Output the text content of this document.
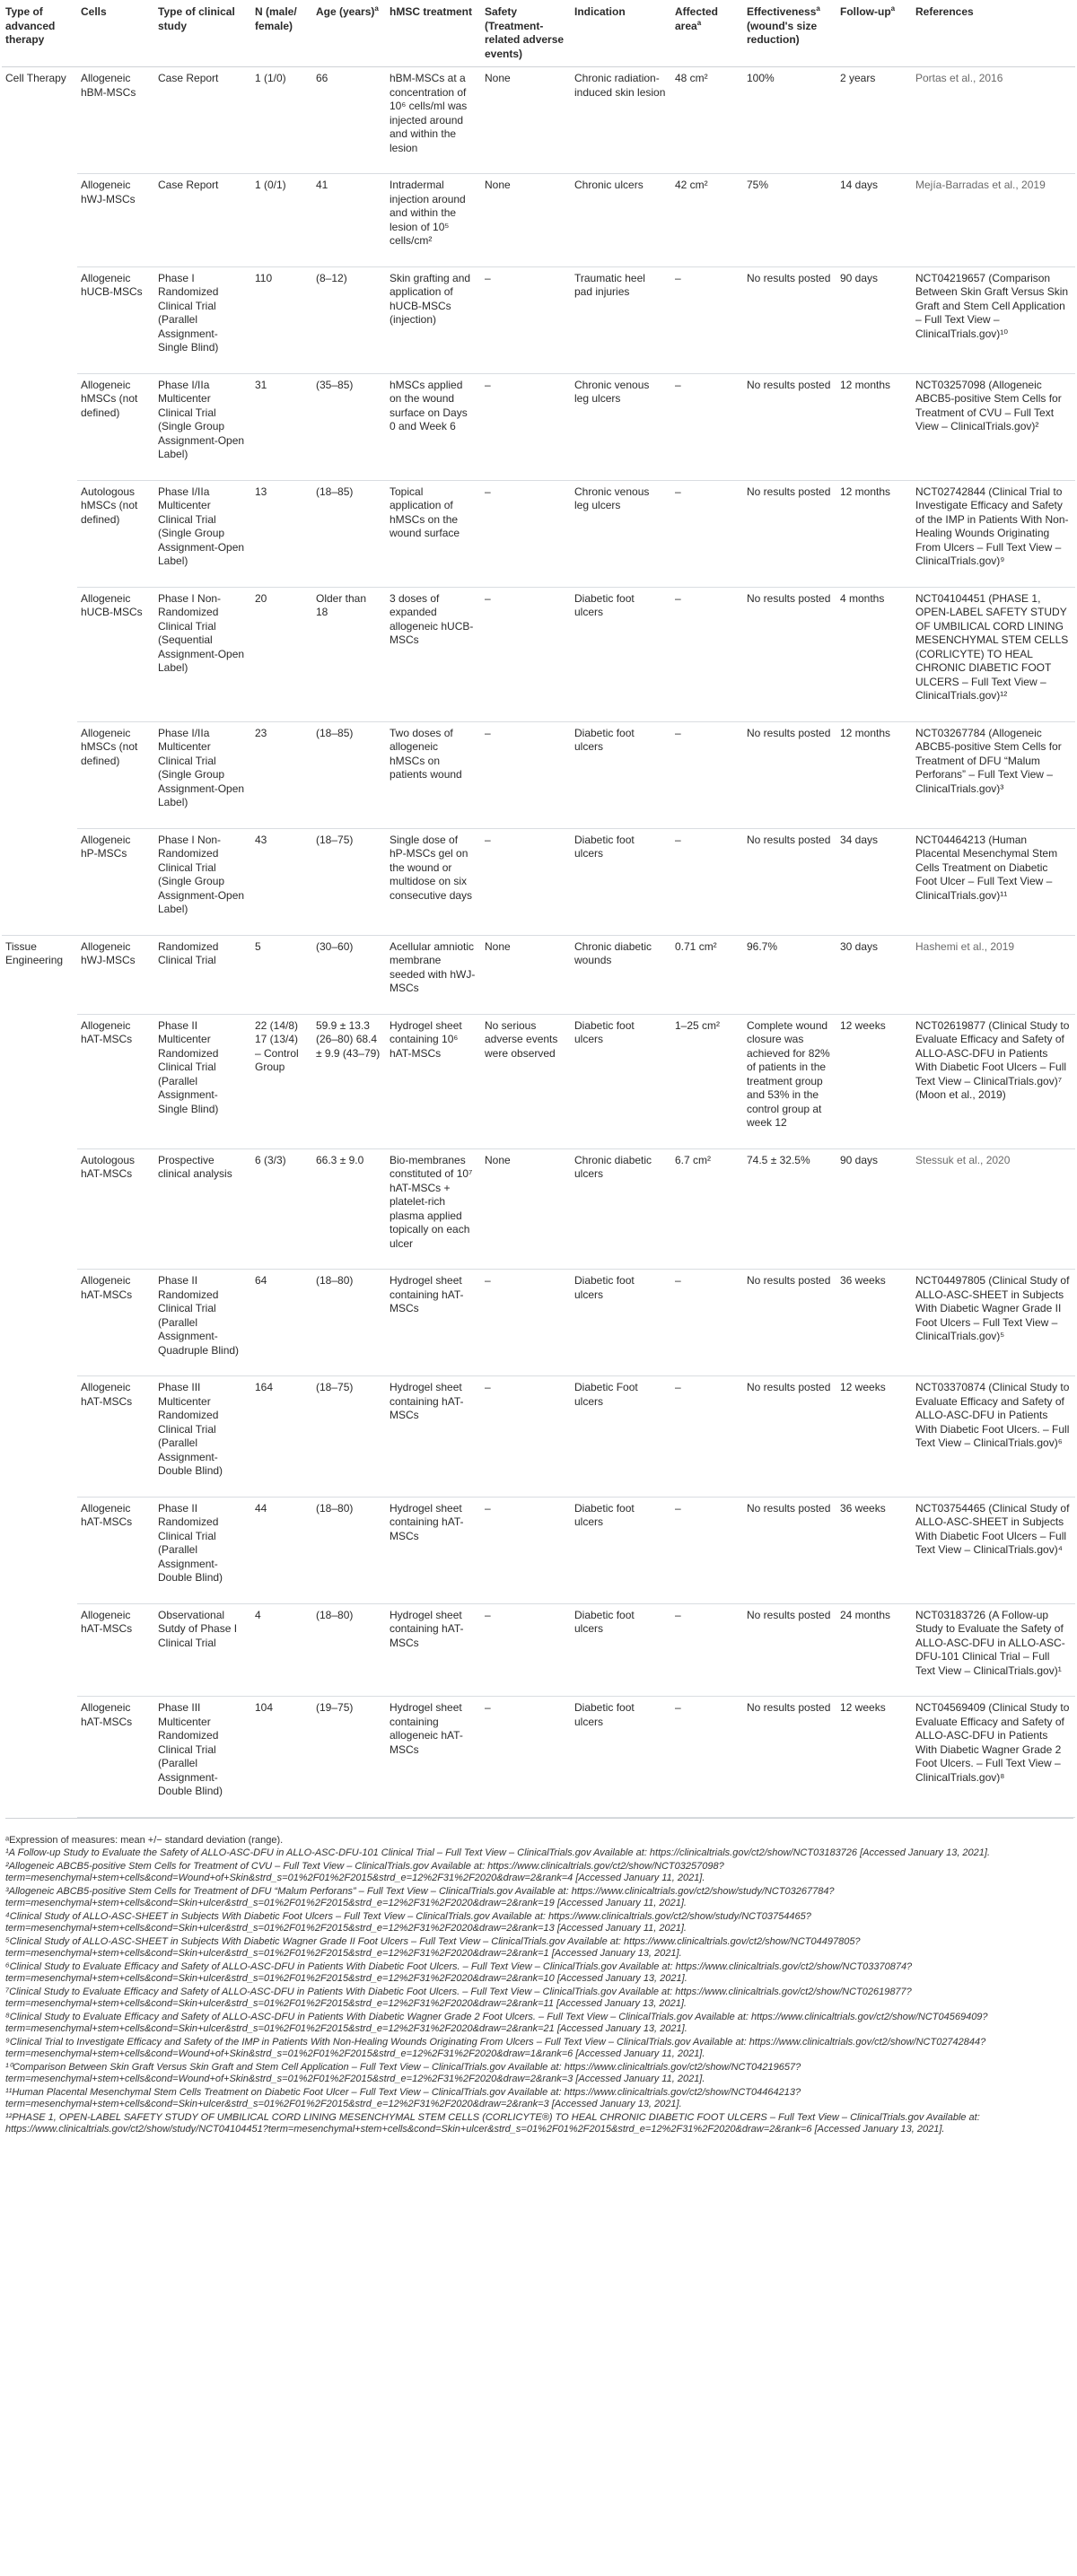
Type of advanced therapy	Cells	Type of clinical study	N (male/ female)	Age (years)$^a$	hMSC treatment	Safety (Treatment-related adverse events)	Indication	Affected area$^a$	Effectiveness$^a$ (wound's size reduction)	Follow-$up^a$	References
Cell Therapy	Allogeneic hBM-MSCs	Case Report	1 (1/0)	66	hBM-MSCs at a concentration of 10⁶ cells/ml was injected around and within the lesion	None	Chronic radiation-induced skin lesion	48 cm²	100%	2 years	Portas et al., 2016
	Allogeneic hWJ-MSCs	Case Report	1 (0/1)	41	Intradermal injection around and within the lesion of 10⁵ cells/cm²	None	Chronic ulcers	42 cm²	75%	14 days	Mejía-Barradas et al., 2019
	Allogeneic hUCB-MSCs	Phase I Randomized Clinical Trial (Parallel Assignment-Single Blind)	110	(8–12)	Skin grafting and application of hUCB-MSCs (injection)	–	Traumatic heel pad injuries	–	No results posted	90 days	NCT04219657 (Comparison Between Skin Graft Versus Skin Graft and Stem Cell Application – Full Text View – ClinicalTrials.gov)¹⁰
	Allogeneic hMSCs (not defined)	Phase I/IIa Multicenter Clinical Trial (Single Group Assignment-Open Label)	31	(35–85)	hMSCs applied on the wound surface on Days 0 and Week 6	–	Chronic venous leg ulcers	–	No results posted	12 months	NCT03257098 (Allogeneic ABCB5-positive Stem Cells for Treatment of CVU – Full Text View – ClinicalTrials.gov)²
	Autologous hMSCs (not defined)	Phase I/IIa Multicenter Clinical Trial (Single Group Assignment-Open Label)	13	(18–85)	Topical application of hMSCs on the wound surface	–	Chronic venous leg ulcers	–	No results posted	12 months	NCT02742844 (Clinical Trial to Investigate Efficacy and Safety of the IMP in Patients With Non-Healing Wounds Originating From Ulcers – Full Text View – ClinicalTrials.gov)⁹
	Allogeneic hUCB-MSCs	Phase I Non-Randomized Clinical Trial (Sequential Assignment-Open Label)	20	Older than 18	3 doses of expanded allogeneic hUCB-MSCs	–	Diabetic foot ulcers	–	No results posted	4 months	NCT04104451 (PHASE 1, OPEN-LABEL SAFETY STUDY OF UMBILICAL CORD LINING MESENCHYMAL STEM CELLS (CORLICYTE) TO HEAL CHRONIC DIABETIC FOOT ULCERS – Full Text View – ClinicalTrials.gov)¹²
	Allogeneic hMSCs (not defined)	Phase I/IIa Multicenter Clinical Trial (Single Group Assignment-Open Label)	23	(18–85)	Two doses of allogeneic hMSCs on patients wound	–	Diabetic foot ulcers	–	No results posted	12 months	NCT03267784 (Allogeneic ABCB5-positive Stem Cells for Treatment of DFU “Malum Perforans” – Full Text View – ClinicalTrials.gov)³
	Allogeneic hP-MSCs	Phase I Non-Randomized Clinical Trial (Single Group Assignment-Open Label)	43	(18–75)	Single dose of hP-MSCs gel on the wound or multidose on six consecutive days	–	Diabetic foot ulcers	–	No results posted	34 days	NCT04464213 (Human Placental Mesenchymal Stem Cells Treatment on Diabetic Foot Ulcer – Full Text View – ClinicalTrials.gov)¹¹
Tissue Engineering	Allogeneic hWJ-MSCs	Randomized Clinical Trial	5	(30–60)	Acellular amniotic membrane seeded with hWJ-MSCs	None	Chronic diabetic wounds	0.71 cm²	96.7%	30 days	Hashemi et al., 2019
	Allogeneic hAT-MSCs	Phase II Multicenter Randomized Clinical Trial (Parallel Assignment-Single Blind)	22 (14/8) 17 (13/4) – Control Group	59.9 ± 13.3 (26–80) 68.4 ± 9.9 (43–79)	Hydrogel sheet containing 10⁶ hAT-MSCs	No serious adverse events were observed	Diabetic foot ulcers	1–25 cm²	Complete wound closure was achieved for 82% of patients in the treatment group and 53% in the control group at week 12	12 weeks	NCT02619877 (Clinical Study to Evaluate Efficacy and Safety of ALLO-ASC-DFU in Patients With Diabetic Foot Ulcers – Full Text View – ClinicalTrials.gov)⁷ (Moon et al., 2019)
	Autologous hAT-MSCs	Prospective clinical analysis	6 (3/3)	66.3 ± 9.0	Bio-membranes constituted of 10⁷ hAT-MSCs + platelet-rich plasma applied topically on each ulcer	None	Chronic diabetic ulcers	6.7 cm²	74.5 ± 32.5%	90 days	Stessuk et al., 2020
	Allogeneic hAT-MSCs	Phase II Randomized Clinical Trial (Parallel Assignment-Quadruple Blind)	64	(18–80)	Hydrogel sheet containing hAT-MSCs	–	Diabetic foot ulcers	–	No results posted	36 weeks	NCT04497805 (Clinical Study of ALLO-ASC-SHEET in Subjects With Diabetic Wagner Grade II Foot Ulcers – Full Text View – ClinicalTrials.gov)⁵
	Allogeneic hAT-MSCs	Phase III Multicenter Randomized Clinical Trial (Parallel Assignment-Double Blind)	164	(18–75)	Hydrogel sheet containing hAT-MSCs	–	Diabetic Foot ulcers	–	No results posted	12 weeks	NCT03370874 (Clinical Study to Evaluate Efficacy and Safety of ALLO-ASC-DFU in Patients With Diabetic Foot Ulcers. – Full Text View – ClinicalTrials.gov)⁶
	Allogeneic hAT-MSCs	Phase II Randomized Clinical Trial (Parallel Assignment-Double Blind)	44	(18–80)	Hydrogel sheet containing hAT-MSCs	–	Diabetic foot ulcers	–	No results posted	36 weeks	NCT03754465 (Clinical Study of ALLO-ASC-SHEET in Subjects With Diabetic Foot Ulcers – Full Text View – ClinicalTrials.gov)⁴
	Allogeneic hAT-MSCs	Observational Sutdy of Phase I Clinical Trial	4	(18–80)	Hydrogel sheet containing hAT-MSCs	–	Diabetic foot ulcers	–	No results posted	24 months	NCT03183726 (A Follow-up Study to Evaluate the Safety of ALLO-ASC-DFU in ALLO-ASC-DFU-101 Clinical Trial – Full Text View – ClinicalTrials.gov)¹
	Allogeneic hAT-MSCs	Phase III Multicenter Randomized Clinical Trial (Parallel Assignment-Double Blind)	104	(19–75)	Hydrogel sheet containing allogeneic hAT-MSCs	–	Diabetic foot ulcers	–	No results posted	12 weeks	NCT04569409 (Clinical Study to Evaluate Efficacy and Safety of ALLO-ASC-DFU in Patients With Diabetic Wagner Grade 2 Foot Ulcers. – Full Text View – ClinicalTrials.gov)⁸

ᵃExpression of measures: mean +/− standard deviation (range).

¹A Follow-up Study to Evaluate the Safety of ALLO-ASC-DFU in ALLO-ASC-DFU-101 Clinical Trial – Full Text View – ClinicalTrials.gov Available at: https://clinicaltrials.gov/ct2/show/NCT03183726 [Accessed January 13, 2021].

²Allogeneic ABCB5-positive Stem Cells for Treatment of CVU – Full Text View – ClinicalTrials.gov Available at: https://www.clinicaltrials.gov/ct2/show/NCT03257098?term=mesenchymal+stem+cells&cond=Wound+of+Skin&strd_s=01%2F01%2F2015&strd_e=12%2F31%2F2020&draw=2&rank=4 [Accessed January 11, 2021].

³Allogeneic ABCB5-positive Stem Cells for Treatment of DFU “Malum Perforans” – Full Text View – ClinicalTrials.gov Available at: https://www.clinicaltrials.gov/ct2/show/study/NCT03267784?term=mesenchymal+stem+cells&cond=Skin+ulcer&strd_s=01%2F01%2F2015&strd_e=12%2F31%2F2020&draw=2&rank=19 [Accessed January 11, 2021].

⁴Clinical Study of ALLO-ASC-SHEET in Subjects With Diabetic Foot Ulcers – Full Text View – ClinicalTrials.gov Available at: https://www.clinicaltrials.gov/ct2/show/study/NCT03754465?term=mesenchymal+stem+cells&cond=Skin+ulcer&strd_s=01%2F01%2F2015&strd_e=12%2F31%2F2020&draw=2&rank=13 [Accessed January 11, 2021].

⁵Clinical Study of ALLO-ASC-SHEET in Subjects With Diabetic Wagner Grade II Foot Ulcers – Full Text View – ClinicalTrials.gov Available at: https://www.clinicaltrials.gov/ct2/show/NCT04497805?term=mesenchymal+stem+cells&cond=Skin+ulcer&strd_s=01%2F01%2F2015&strd_e=12%2F31%2F2020&draw=2&rank=1 [Accessed January 13, 2021].

⁶Clinical Study to Evaluate Efficacy and Safety of ALLO-ASC-DFU in Patients With Diabetic Foot Ulcers. – Full Text View – ClinicalTrials.gov Available at: https://www.clinicaltrials.gov/ct2/show/NCT03370874?term=mesenchymal+stem+cells&cond=Skin+ulcer&strd_s=01%2F01%2F2015&strd_e=12%2F31%2F2020&draw=2&rank=10 [Accessed January 13, 2021].

⁷Clinical Study to Evaluate Efficacy and Safety of ALLO-ASC-DFU in Patients With Diabetic Foot Ulcers. – Full Text View – ClinicalTrials.gov Available at: https://www.clinicaltrials.gov/ct2/show/NCT02619877?term=mesenchymal+stem+cells&cond=Skin+ulcer&strd_s=01%2F01%2F2015&strd_e=12%2F31%2F2020&draw=2&rank=11 [Accessed January 13, 2021].

⁸Clinical Study to Evaluate Efficacy and Safety of ALLO-ASC-DFU in Patients With Diabetic Wagner Grade 2 Foot Ulcers. – Full Text View – ClinicalTrials.gov Available at: https://www.clinicaltrials.gov/ct2/show/NCT04569409?term=mesenchymal+stem+cells&cond=Skin+ulcer&strd_s=01%2F01%2F2015&strd_e=12%2F31%2F2020&draw=2&rank=21 [Accessed January 13, 2021].

⁹Clinical Trial to Investigate Efficacy and Safety of the IMP in Patients With Non-Healing Wounds Originating From Ulcers – Full Text View – ClinicalTrials.gov Available at: https://www.clinicaltrials.gov/ct2/show/NCT02742844?term=mesenchymal+stem+cells&cond=Wound+of+Skin&strd_s=01%2F01%2F2015&strd_e=12%2F31%2F2020&draw=1&rank=6 [Accessed January 11, 2021].

¹⁰Comparison Between Skin Graft Versus Skin Graft and Stem Cell Application – Full Text View – ClinicalTrials.gov Available at: https://www.clinicaltrials.gov/ct2/show/NCT04219657?term=mesenchymal+stem+cells&cond=Wound+of+Skin&strd_s=01%2F01%2F2015&strd_e=12%2F31%2F2020&draw=2&rank=3 [Accessed January 11, 2021].

¹¹Human Placental Mesenchymal Stem Cells Treatment on Diabetic Foot Ulcer – Full Text View – ClinicalTrials.gov Available at: https://www.clinicaltrials.gov/ct2/show/NCT04464213?term=mesenchymal+stem+cells&cond=Skin+ulcer&strd_s=01%2F01%2F2015&strd_e=12%2F31%2F2020&draw=2&rank=3 [Accessed January 13, 2021].

¹²PHASE 1, OPEN-LABEL SAFETY STUDY OF UMBILICAL CORD LINING MESENCHYMAL STEM CELLS (CORLICYTE®) TO HEAL CHRONIC DIABETIC FOOT ULCERS – Full Text View – ClinicalTrials.gov Available at: https://www.clinicaltrials.gov/ct2/show/study/NCT04104451?term=mesenchymal+stem+cells&cond=Skin+ulcer&strd_s=01%2F01%2F2015&strd_e=12%2F31%2F2020&draw=2&rank=6 [Accessed January 13, 2021].
